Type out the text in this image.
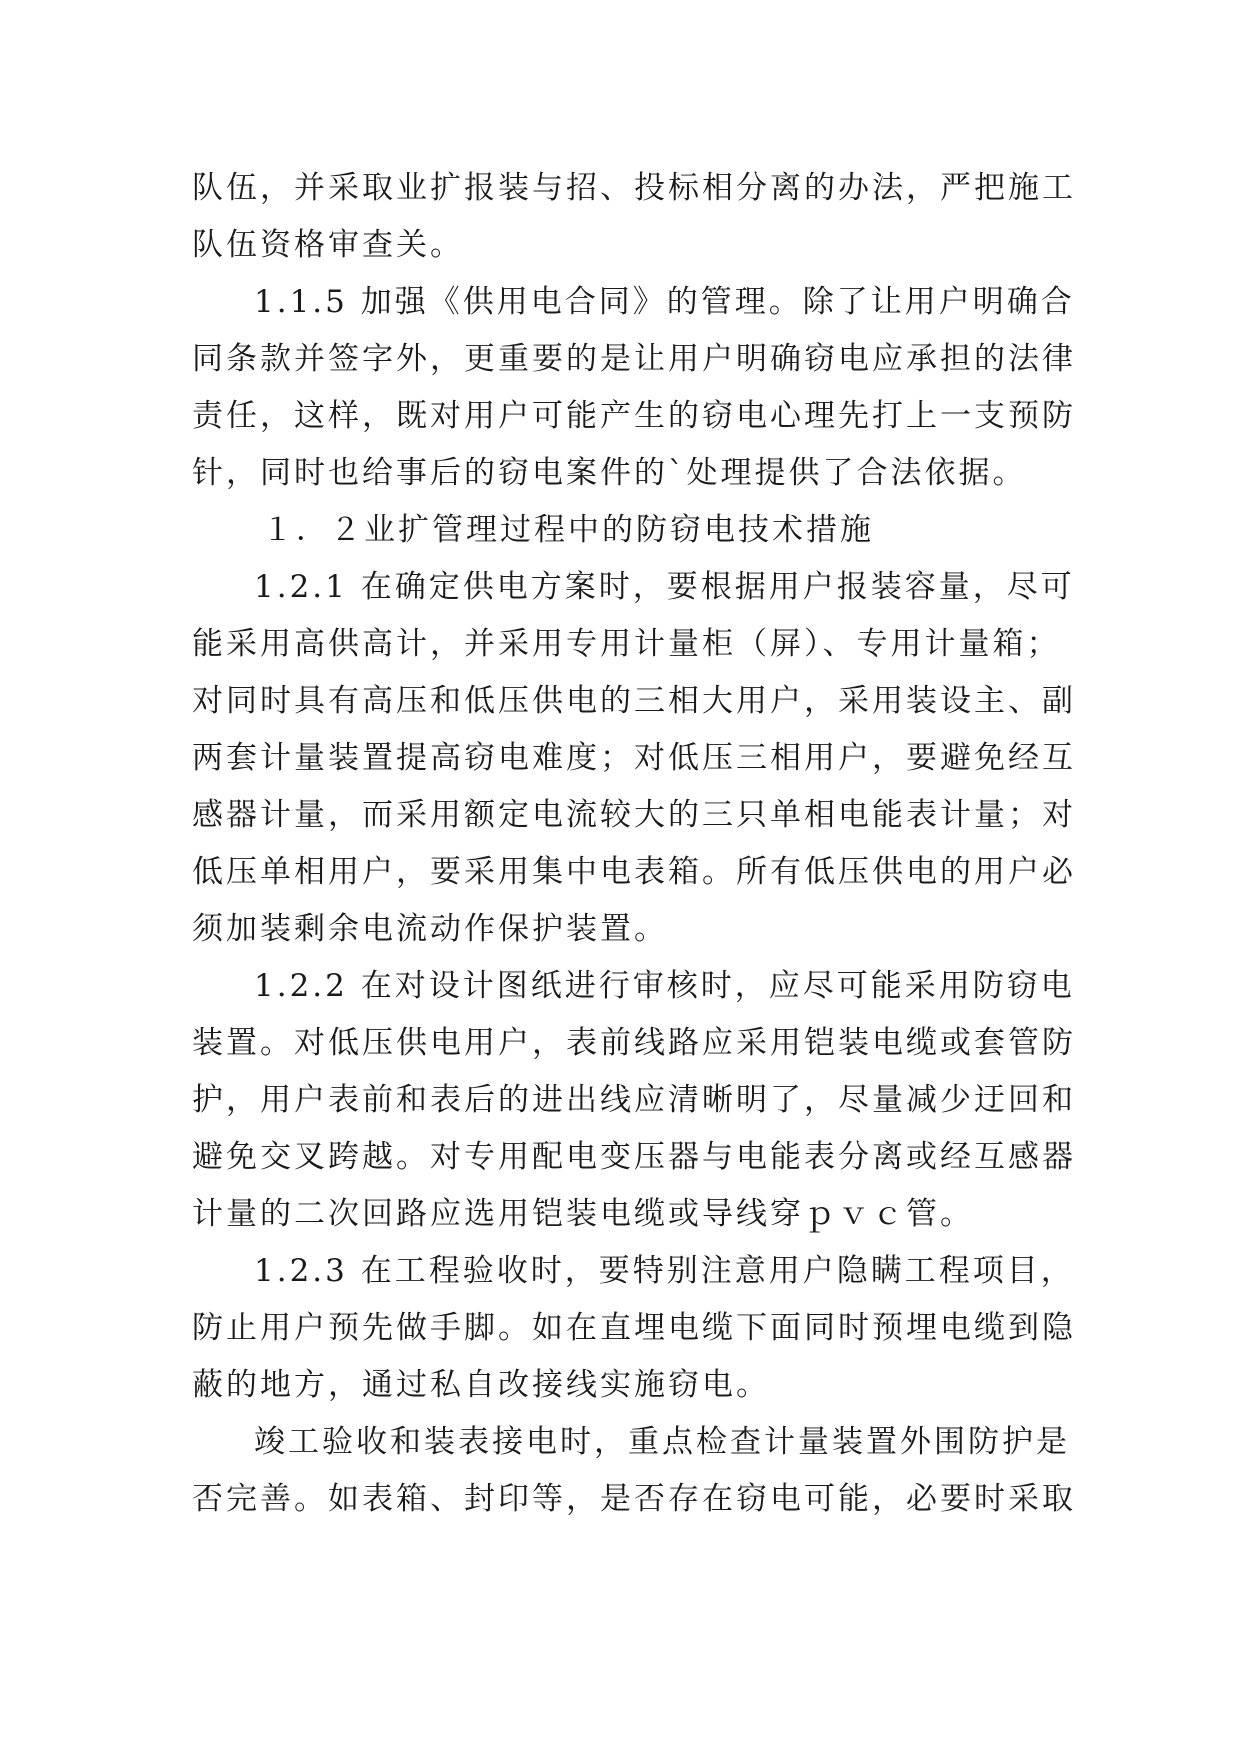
队伍，并采取业扩报装与招、投标相分离的办法，严把施工
队伍资格审查关。
1.1.5 加强《供用电合同》的管理。除了让用户明确合
同条款并签字外，更重要的是让用户明确窃电应承担的法律
责任，这样，既对用户可能产生的窃电心理先打上一支预防
针，同时也给事后的窃电案件的`处理提供了合法依据。
１．２业扩管理过程中的防窃电技术措施
1.2.1 在确定供电方案时，要根据用户报装容量，尽可
能采用高供高计，并采用专用计量柜（屏）、专用计量箱；
对同时具有高压和低压供电的三相大用户，采用装设主、副
两套计量装置提高窃电难度；对低压三相用户，要避免经互
感器计量，而采用额定电流较大的三只单相电能表计量；对
低压单相用户，要采用集中电表箱。所有低压供电的用户必
须加装剩余电流动作保护装置。
1.2.2 在对设计图纸进行审核时，应尽可能采用防窃电
装置。对低压供电用户，表前线路应采用铠装电缆或套管防
护，用户表前和表后的进出线应清晰明了，尽量减少迂回和
避免交叉跨越。对专用配电变压器与电能表分离或经互感器
计量的二次回路应选用铠装电缆或导线穿ｐｖｃ管。
1.2.3 在工程验收时，要特别注意用户隐瞒工程项目，
防止用户预先做手脚。如在直埋电缆下面同时预埋电缆到隐
蔽的地方，通过私自改接线实施窃电。
竣工验收和装表接电时，重点检查计量装置外围防护是
否完善。如表箱、封印等，是否存在窃电可能，必要时采取
